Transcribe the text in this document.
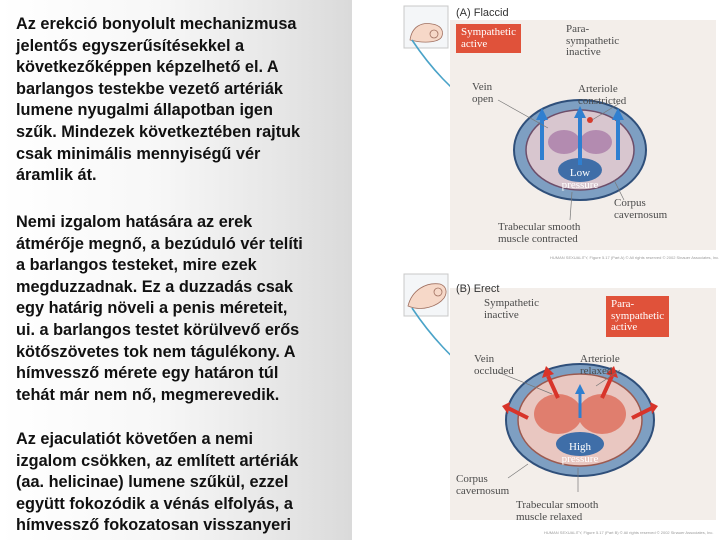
Az erekció bonyolult mechanizmusa
jelentős egyszerűsítésekkel a
következőképpen képzelhető el. A
barlangos testekbe vezető artériák
lumene nyugalmi állapotban igen
szűk. Mindezek következtében rajtuk
csak minimális mennyiségű vér
áramlik át.

Nemi izgalom hatására az erek
átmérője megnő, a bezúduló vér telíti
a barlangos testeket, mire ezek
megduzzadnak. Ez a duzzadás csak
egy határig növeli a penis méreteit,
ui. a barlangos testet körülvevő erős
kötőszövetes tok nem tágulékony. A
hímvessző mérete egy határon túl
tehát már nem nő, megmerevedik.

Az ejaculatiót követően a nemi
izgalom csökken, az említett artériák
(aa. helicinae) lumene szűkül, ezzel
együtt fokozódik a vénás elfolyás, a
hímvessző fokozatosan visszanyeri

(A) Flaccid
Sympathetic
active
Para-
sympathetic
inactive
Vein
open
Arteriole
constricted
Low
pressure
Corpus
cavernosum
Trabecular smooth
muscle contracted
HUMAN SEXUALITY, Figure 5.17 (Part A) © All rights reserved © 2002 Sinauer Associates, Inc.
(B) Erect
Sympathetic
inactive
Para-
sympathetic
active
Vein
occluded
Arteriole
relaxed
High
pressure
Corpus
cavernosum
Trabecular smooth
muscle relaxed
HUMAN SEXUALITY, Figure 5.17 (Part B) © All rights reserved © 2002 Sinauer Associates, Inc.
